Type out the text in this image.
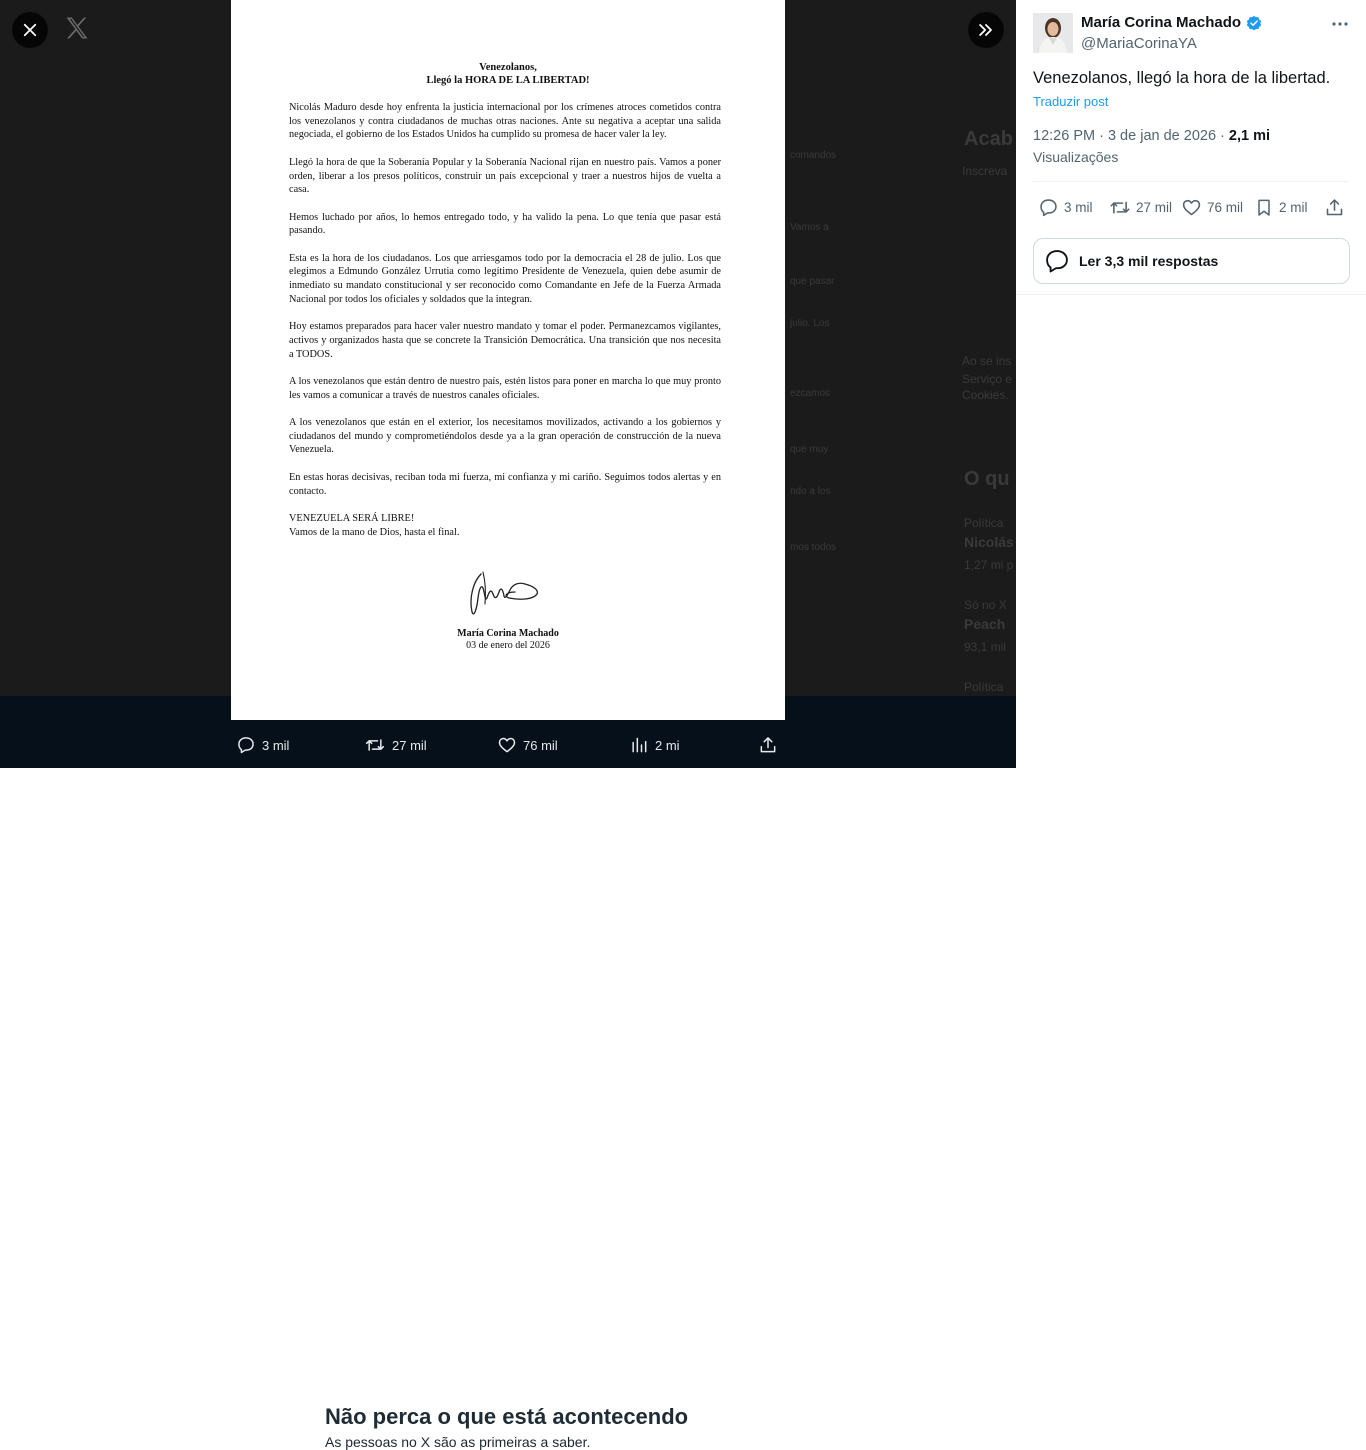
Acab
Inscreva
Ao se ins
Serviço e
Cookies.
O qu
Política
Nicolás
1,27 mi p
Só no X
Peach
93,1 mil
Política
comandos
Vamos a
que pasar
julio. Los
ezcamos
que muy
ndo a los
mos todos
Não perca o que está acontecendo
As pessoas no X são as primeiras a saber.
Venezolanos,
Llegó la HORA DE LA LIBERTAD!

Nicolás Maduro desde hoy enfrenta la justicia internacional por los crímenes atroces cometidos contra los venezolanos y contra ciudadanos de muchas otras naciones. Ante su negativa a aceptar una salida negociada, el gobierno de los Estados Unidos ha cumplido su promesa de hacer valer la ley.

Llegó la hora de que la Soberanía Popular y la Soberanía Nacional rijan en nuestro país. Vamos a poner orden, liberar a los presos políticos, construir un país excepcional y traer a nuestros hijos de vuelta a casa.

Hemos luchado por años, lo hemos entregado todo, y ha valido la pena. Lo que tenía que pasar está pasando.

Esta es la hora de los ciudadanos. Los que arriesgamos todo por la democracia el 28 de julio. Los que elegimos a Edmundo González Urrutia como legítimo Presidente de Venezuela, quien debe asumir de inmediato su mandato constitucional y ser reconocido como Comandante en Jefe de la Fuerza Armada Nacional por todos los oficiales y soldados que la integran.

Hoy estamos preparados para hacer valer nuestro mandato y tomar el poder. Permanezcamos vigilantes, activos y organizados hasta que se concrete la Transición Democrática. Una transición que nos necesita a TODOS.

A los venezolanos que están dentro de nuestro país, estén listos para poner en marcha lo que muy pronto les vamos a comunicar a través de nuestros canales oficiales.

A los venezolanos que están en el exterior, los necesitamos movilizados, activando a los gobiernos y ciudadanos del mundo y comprometiéndolos desde ya a la gran operación de construcción de la nueva Venezuela.

En estas horas decisivas, reciban toda mi fuerza, mi confianza y mi cariño. Seguimos todos alertas y en contacto.

VENEZUELA SERÁ LIBRE!

Vamos de la mano de Dios, hasta el final.

María Corina Machado
03 de enero del 2026
3 mil	27 mil	76 mil	2 mi
María Corina Machado
@MariaCorinaYA
Venezolanos, llegó la hora de la libertad.
Traduzir post
12:26 PM · 3 de jan de 2026 · 2,1 mi
Visualizações
3 mil	27 mil	76 mil	2 mil
Ler 3,3 mil respostas
